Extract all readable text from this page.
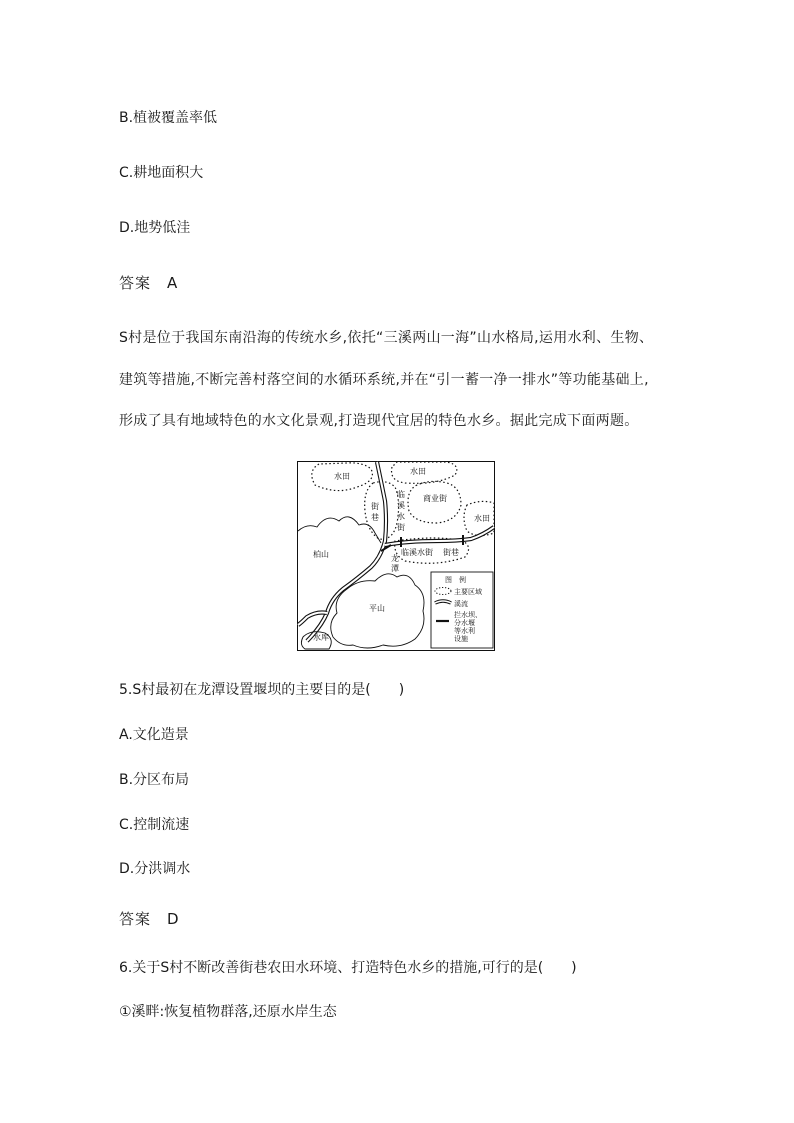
B.植被覆盖率低
C.耕地面积大
D.地势低洼
答案　A
S村是位于我国东南沿海的传统水乡,依托“三溪两山一海”山水格局,运用水利、生物、
建筑等措施,不断完善村落空间的水循环系统,并在“引一蓄一净一排水”等功能基础上,
形成了具有地域特色的水文化景观,打造现代宜居的特色水乡。据此完成下面两题。
水田
水田
水田
街
巷
临
溪
水
街
商业街
临溪水街 街巷
柏山	龙
潭
平山
水库
图　例
主要区域
溪流
拦水坝、
分水堰
等水利
设施
5.S村最初在龙潭设置堰坝的主要目的是(　　)
A.文化造景
B.分区布局
C.控制流速
D.分洪调水
答案　D
6.关于S村不断改善街巷农田水环境、打造特色水乡的措施,可行的是(　　)
①溪畔:恢复植物群落,还原水岸生态
